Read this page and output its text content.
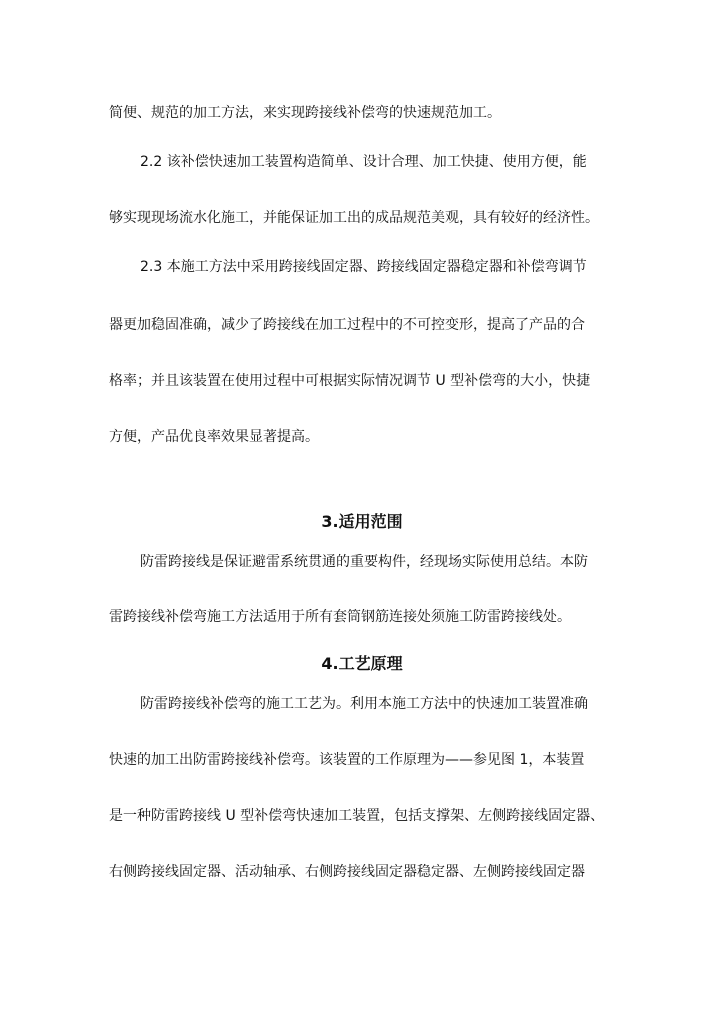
简便、规范的加工方法，来实现跨接线补偿弯的快速规范加工。
2.2 该补偿快速加工装置构造简单、设计合理、加工快捷、使用方便，能
够实现现场流水化施工，并能保证加工出的成品规范美观，具有较好的经济性。
2.3 本施工方法中采用跨接线固定器、跨接线固定器稳定器和补偿弯调节
器更加稳固准确，减少了跨接线在加工过程中的不可控变形，提高了产品的合
格率；并且该装置在使用过程中可根据实际情况调节 U 型补偿弯的大小，快捷
方便，产品优良率效果显著提高。
3.适用范围
防雷跨接线是保证避雷系统贯通的重要构件，经现场实际使用总结。本防
雷跨接线补偿弯施工方法适用于所有套筒钢筋连接处须施工防雷跨接线处。
4.工艺原理
防雷跨接线补偿弯的施工工艺为。利用本施工方法中的快速加工装置准确
快速的加工出防雷跨接线补偿弯。该装置的工作原理为——参见图 1，本装置
是一种防雷跨接线 U 型补偿弯快速加工装置，包括支撑架、左侧跨接线固定器、
右侧跨接线固定器、活动轴承、右侧跨接线固定器稳定器、左侧跨接线固定器
